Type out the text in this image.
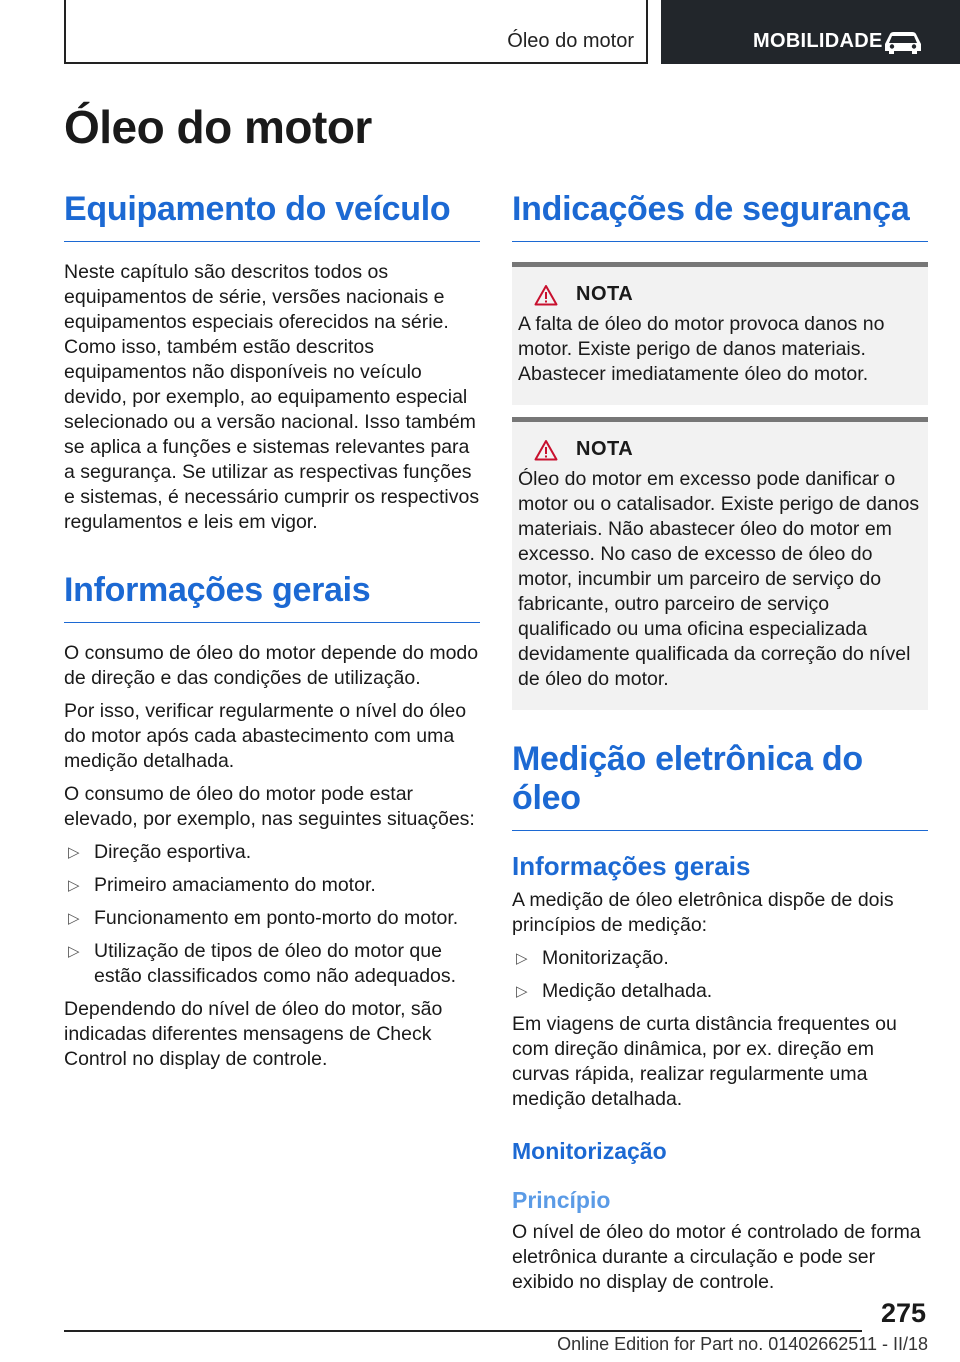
Óleo do motor	MOBILIDADE
Óleo do motor
Equipamento do veículo

Neste capítulo são descritos todos os equipamentos de série, versões nacionais e equipamentos especiais oferecidos na série. Como isso, também estão descritos equipamentos não disponíveis no veículo devido, por exemplo, ao equipamento especial selecionado ou a versão nacional. Isso também se aplica a funções e sistemas relevantes para a segurança. Se utilizar as respectivas funções e sistemas, é necessário cumprir os respectivos regulamentos e leis em vigor.

Informações gerais

O consumo de óleo do motor depende do modo de direção e das condições de utilização.

Por isso, verificar regularmente o nível do óleo do motor após cada abastecimento com uma medição detalhada.

O consumo de óleo do motor pode estar elevado, por exemplo, nas seguintes situações:

▷ Direção esportiva.
▷ Primeiro amaciamento do motor.
▷ Funcionamento em ponto-morto do motor.
▷ Utilização de tipos de óleo do motor que estão classificados como não adequados.

Dependendo do nível de óleo do motor, são indicadas diferentes mensagens de Check Control no display de controle.

Indicações de segurança
NOTA

A falta de óleo do motor provoca danos no motor. Existe perigo de danos materiais. Abastecer imediatamente óleo do motor.

NOTA

Óleo do motor em excesso pode danificar o motor ou o catalisador. Existe perigo de danos materiais. Não abastecer óleo do motor em excesso. No caso de excesso de óleo do motor, incumbir um parceiro de serviço do fabricante, outro parceiro de serviço qualificado ou uma oficina especializada devidamente qualificada da correção do nível de óleo do motor.

Medição eletrônica do óleo
Informações gerais

A medição de óleo eletrônica dispõe de dois princípios de medição:

▷ Monitorização.
▷ Medição detalhada.

Em viagens de curta distância frequentes ou com direção dinâmica, por ex. direção em curvas rápida, realizar regularmente uma medição detalhada.

Monitorização
Princípio

O nível de óleo do motor é controlado de forma eletrônica durante a circulação e pode ser exibido no display de controle.

275
Online Edition for Part no. 01402662511 - II/18
